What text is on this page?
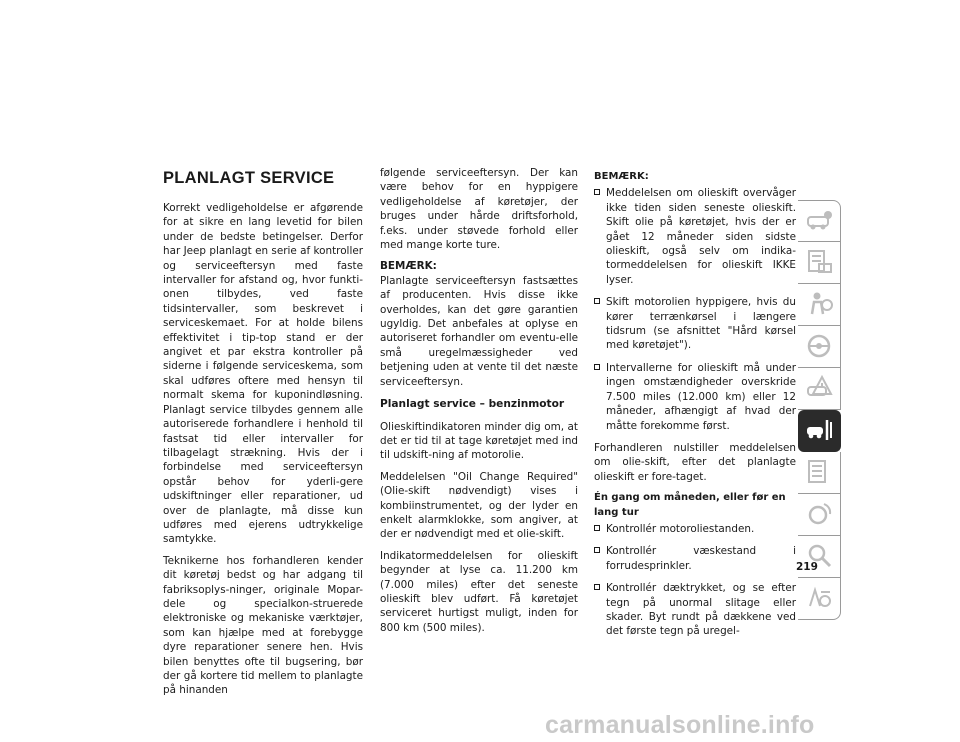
PLANLAGT SERVICE

Korrekt vedligeholdelse er afgørende for at sikre en lang levetid for bilen under de bedste betingelser. Derfor har Jeep planlagt en serie af kontroller og serviceeftersyn med faste intervaller for afstand og, hvor funkti-onen tilbydes, ved faste tidsintervaller, som beskrevet i serviceskemaet. For at holde bilens effektivitet i tip-top stand er der angivet et par ekstra kontroller på siderne i følgende serviceskema, som skal udføres oftere med hensyn til normalt skema for kuponindløsning. Planlagt service tilbydes gennem alle autoriserede forhandlere i henhold til fastsat tid eller intervaller for tilbagelagt strækning. Hvis der i forbindelse med serviceeftersyn opstår behov for yderli-gere udskiftninger eller reparationer, ud over de planlagte, må disse kun udføres med ejerens udtrykkelige samtykke.

Teknikerne hos forhandleren kender dit køretøj bedst og har adgang til fabriksoplys-ninger, originale Mopar-dele og specialkon-struerede elektroniske og mekaniske værktøjer, som kan hjælpe med at forebygge dyre reparationer senere hen. Hvis bilen benyttes ofte til bugsering, bør der gå kortere tid mellem to planlagte på hinanden

følgende serviceeftersyn. Der kan være behov for en hyppigere vedligeholdelse af køretøjer, der bruges under hårde driftsforhold, f.eks. under støvede forhold eller med mange korte ture.

BEMÆRK:
Planlagte serviceeftersyn fastsættes af producenten. Hvis disse ikke overholdes, kan det gøre garantien ugyldig. Det anbefales at oplyse en autoriseret forhandler om eventu-elle små uregelmæssigheder ved betjening uden at vente til det næste serviceeftersyn.

Planlagt service – benzinmotor

Olieskiftindikatoren minder dig om, at det er tid til at tage køretøjet med ind til udskift-ning af motorolie.

Meddelelsen "Oil Change Required" (Olie-skift nødvendigt) vises i kombiinstrumentet, og der lyder en enkelt alarmklokke, som angiver, at der er nødvendigt med et olie-skift.

Indikatormeddelelsen for olieskift begynder at lyse ca. 11.200 km (7.000 miles) efter det seneste olieskift blev udført. Få køretøjet serviceret hurtigst muligt, inden for 800 km (500 miles).

BEMÆRK:
Meddelelsen om olieskift overvåger ikke tiden siden seneste olieskift. Skift olie på køretøjet, hvis der er gået 12 måneder siden sidste olieskift, også selv om indika-tormeddelelsen for olieskift IKKE lyser.
Skift motorolien hyppigere, hvis du kører terrænkørsel i længere tidsrum (se afsnittet "Hård kørsel med køretøjet").
Intervallerne for olieskift må under ingen omstændigheder overskride 7.500 miles (12.000 km) eller 12 måneder, afhængigt af hvad der måtte forekomme først.

Forhandleren nulstiller meddelelsen om olie-skift, efter det planlagte olieskift er fore-taget.

Én gang om måneden, eller før en lang tur
Kontrollér motoroliestanden.
Kontrollér væskestand i forrudesprinkler.
Kontrollér dæktrykket, og se efter tegn på unormal slitage eller skader. Byt rundt på dækkene ved det første tegn på uregel-
219
carmanualsonline.info
